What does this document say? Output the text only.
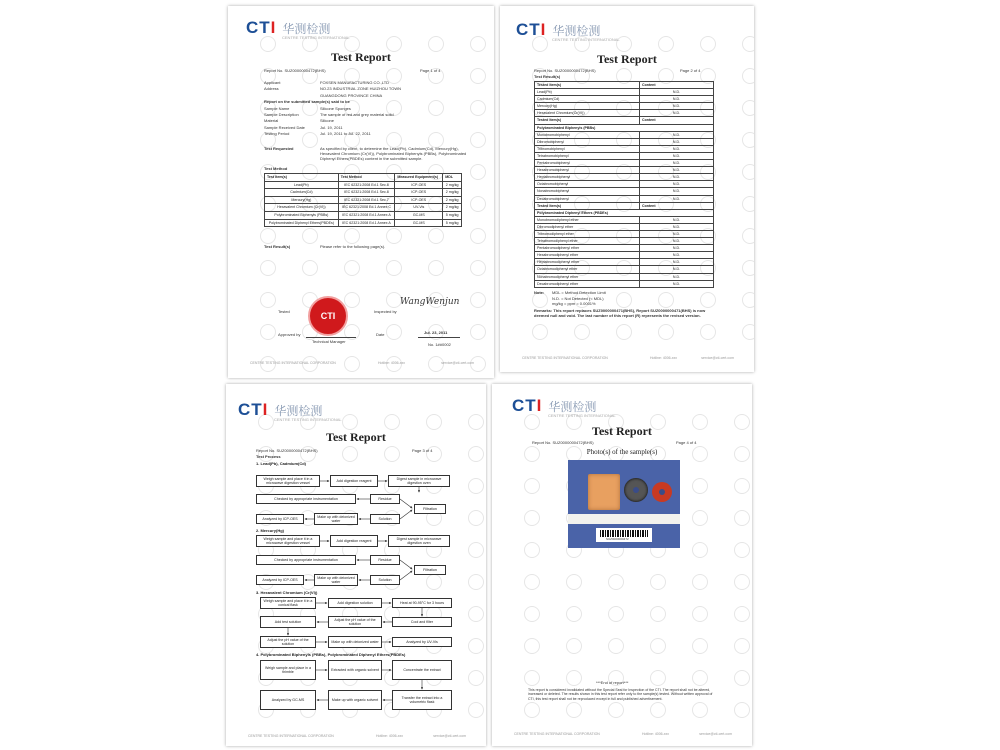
CTI 华测检测
CENTRE TESTING INTERNATIONAL
Test Report
Report No. SUZ0000000472(BHS)	Page 1 of 4
Test Requested	As specified by client, to determine the Lead(Pb), Cadmium(Cd), Mercury(Hg), Hexavalent Chromium (Cr(VI)), Polybrominated Biphenyls (PBBs), Polybrominated Diphenyl Ethers(PBDEs) content in the submitted sample.
Test Method
Test Item(s)	Test Method	Measured Equipment(s)	MDL
Lead(Pb)	IEC 62321:2008 Ed.1 Sec.8	ICP-OES	2 mg/kg
Cadmium(Cd)	IEC 62321:2008 Ed.1 Sec.8	ICP-OES	2 mg/kg
Mercury(Hg)	IEC 62321:2008 Ed.1 Sec.7	ICP-OES	2 mg/kg
Hexavalent Chromium (Cr(VI))	IEC 62321:2008 Ed.1 Annex C	UV-Vis	2 mg/kg
Polybrominated Biphenyls (PBBs)	IEC 62321:2008 Ed.1 Annex A	GC-MS	5 mg/kg
Polybrominated Diphenyl Ethers(PBDEs)	IEC 62321:2008 Ed.1 Annex A	GC-MS	5 mg/kg
Test Result(s)	Please refer to the following page(s).
Tested	Inspected by
WangWenjun
CTI
Approved by
Technical Manager
Date	Jul. 23, 2011
No. 1##0002
CENTRE TESTING INTERNATIONAL CORPORATION	Hotline: 4006-xxx	service@cti-cert.com
Applicant	FOXSEN MANUFACTURING CO.,LTD
Address	NO.23 INDUSTRIAL ZONE HUIZHOU TOWN
GUANGDONG PROVINCE CHINA
Report on the submitted sample(s) said to be
Sample Name	Silicone Sponges
Sample Description	The sample of red and grey material solid
Material	Silicone
Sample Received Date	Jul. 19, 2011
Testing Period	Jul. 19, 2011 to Jul. 22, 2011
CTI 华测检测
CENTRE TESTING INTERNATIONAL
Test Report
Report No. SUZ0000000472(BHS)	Page 2 of 4
Test Result(s)
Tested Item(s)	Content
Lead(Pb)	N.D.
Cadmium(Cd)	N.D.
Mercury(Hg)	N.D.
Hexavalent Chromium(Cr(VI))	N.D.
Tested Item(s)	Content
Polybrominated Biphenyls (PBBs)	
Monobromobiphenyl	N.D.
Dibromobiphenyl	N.D.
Tribromobiphenyl	N.D.
Tetrabromobiphenyl	N.D.
Pentabromobiphenyl	N.D.
Hexabromobiphenyl	N.D.
Heptabromobiphenyl	N.D.
Octabromobiphenyl	N.D.
Nonabromobiphenyl	N.D.
Decabromobiphenyl	N.D.
Tested Item(s)	Content
Polybrominated Diphenyl Ethers (PBDEs)	
Monobromodiphenyl ether	N.D.
Dibromodiphenyl ether	N.D.
Tribromodiphenyl ether	N.D.
Tetrabromodiphenyl ether	N.D.
Pentabromodiphenyl ether	N.D.
Hexabromodiphenyl ether	N.D.
Heptabromodiphenyl ether	N.D.
Octabromodiphenyl ether	N.D.
Nonabromodiphenyl ether	N.D.
Decabromodiphenyl ether	N.D.
Note:
Remarks: This report replaces SUZ0000000471(BHS), Report SUZ0000000471(BHS) is now deemed null and void. The last number of this report (R) represents the revised version.
CENTRE TESTING INTERNATIONAL CORPORATION	Hotline: 4006-xxx	service@cti-cert.com
MDL = Method Detection Limit
N.D. = Not Detected (< MDL)
mg/kg = ppm = 0.0001%
CTI 华测检测
CENTRE TESTING INTERNATIONAL
Test Report
Report No. SUZ0000000472(BHS)	Page 3 of 4
Test Process
1. Lead(Pb), Cadmium(Cd)
Weigh sample and place it in a microwave digestion vessel
Add digestion reagent
Digest sample in microwave digestion oven
Checked by appropriate instrumentation	Residue
Filtration
Analyzed by ICP-OES
Make up with deionized water
Solution
2. Mercury(Hg)
Weigh sample and place it in a microwave digestion vessel
Add digestion reagent
Digest sample in microwave digestion oven
Checked by appropriate instrumentation	Residue
Filtration
Analyzed by ICP-OES
Make up with deionized water
Solution
3. Hexavalent Chromium (Cr(VI))
Weigh sample and place it in a conical flask
Add digestion solution	Heat at 90-95°C for 3 hours
Add test solution
Adjust the pH value of the solution
Cool and filter
Adjust the pH value of the solution
Make up with deionized water	Analyzed by UV-Vis
4. Polybrominated Biphenyls (PBBs), Polybrominated Diphenyl Ethers(PBDEs)
Weigh sample and place in a thimble
Extracted with organic solvent	Concentrate the extract
Analyzed by GC-MS	Make up with organic solvent
Transfer the extract into a volumetric flask
CENTRE TESTING INTERNATIONAL CORPORATION	Hotline: 4006-xxx	service@cti-cert.com
CTI 华测检测
CENTRE TESTING INTERNATIONAL
Test Report
Report No. SUZ0000000472(BHS)	Page 4 of 4
Photo(s) of the sample(s)
SUZ0000000472
***End of report***
This report is considered invalidated without the Special Seal for Inspection of the CTI. The report shall not be altered, increased or deleted. The results shown in this test report refer only to the sample(s) tested. Without written approval of CTI, this test report shall not be reproduced except in full and published advertisement.
CENTRE TESTING INTERNATIONAL CORPORATION	Hotline: 4006-xxx	service@cti-cert.com
